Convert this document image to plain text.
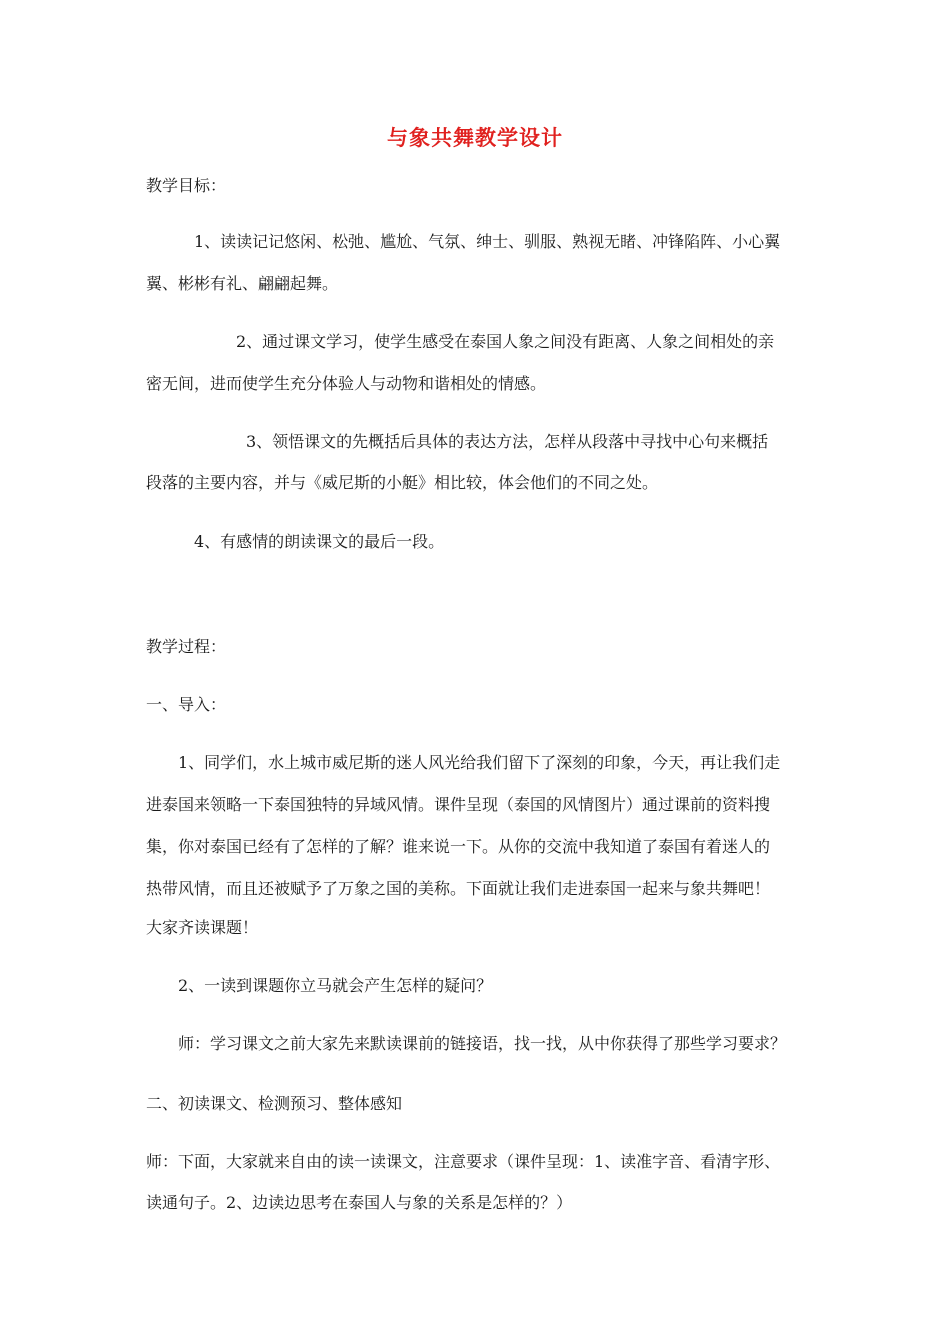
与象共舞教学设计
教学目标：
1、读读记记悠闲、松弛、尴尬、气氛、绅士、驯服、熟视无睹、冲锋陷阵、小心翼
翼、彬彬有礼、翩翩起舞。
2、通过课文学习，使学生感受在泰国人象之间没有距离、人象之间相处的亲
密无间，进而使学生充分体验人与动物和谐相处的情感。
3、领悟课文的先概括后具体的表达方法，怎样从段落中寻找中心句来概括
段落的主要内容，并与《威尼斯的小艇》相比较，体会他们的不同之处。
4、有感情的朗读课文的最后一段。
教学过程：
一、导入：
1、同学们，水上城市威尼斯的迷人风光给我们留下了深刻的印象，今天，再让我们走
进泰国来领略一下泰国独特的异域风情。课件呈现（泰国的风情图片）通过课前的资料搜
集，你对泰国已经有了怎样的了解？谁来说一下。从你的交流中我知道了泰国有着迷人的
热带风情，而且还被赋予了万象之国的美称。下面就让我们走进泰国一起来与象共舞吧！
大家齐读课题！
2、一读到课题你立马就会产生怎样的疑问？
师：学习课文之前大家先来默读课前的链接语，找一找，从中你获得了那些学习要求？
二、初读课文、检测预习、整体感知
师：下面，大家就来自由的读一读课文，注意要求（课件呈现：1、读准字音、看清字形、
读通句子。2、边读边思考在泰国人与象的关系是怎样的？）
